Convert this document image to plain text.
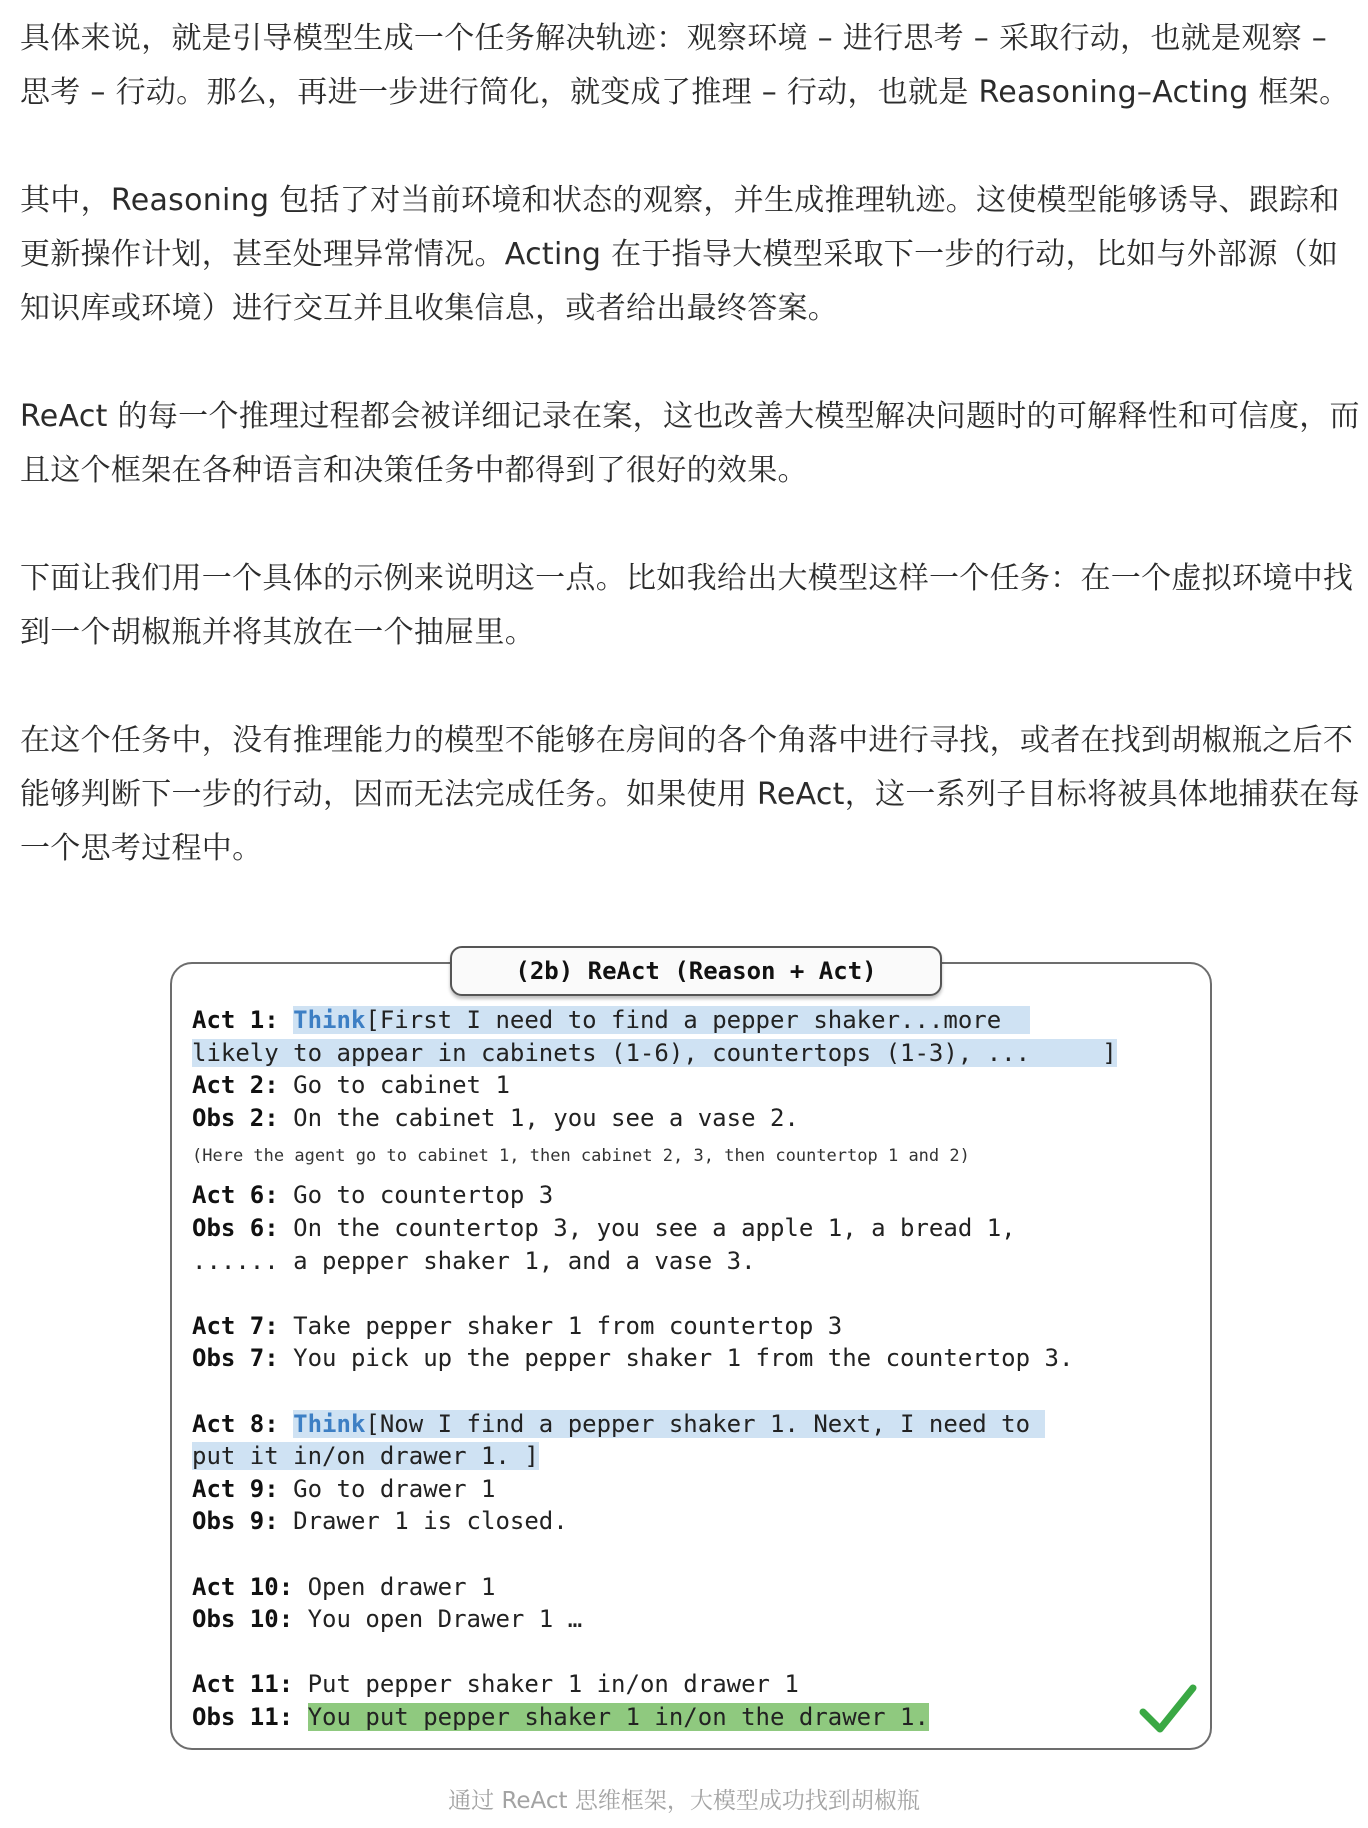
具体来说，就是引导模型生成一个任务解决轨迹：观察环境 – 进行思考 – 采取行动，也就是观察 – 思考 – 行动。那么，再进一步进行简化，就变成了推理 – 行动，也就是 Reasoning–Acting 框架。

其中，Reasoning 包括了对当前环境和状态的观察，并生成推理轨迹。这使模型能够诱导、跟踪和更新操作计划，甚至处理异常情况。Acting 在于指导大模型采取下一步的行动，比如与外部源（如知识库或环境）进行交互并且收集信息，或者给出最终答案。

ReAct 的每一个推理过程都会被详细记录在案，这也改善大模型解决问题时的可解释性和可信度，而且这个框架在各种语言和决策任务中都得到了很好的效果。

下面让我们用一个具体的示例来说明这一点。比如我给出大模型这样一个任务：在一个虚拟环境中找到一个胡椒瓶并将其放在一个抽屉里。

在这个任务中，没有推理能力的模型不能够在房间的各个角落中进行寻找，或者在找到胡椒瓶之后不能够判断下一步的行动，因而无法完成任务。如果使用 ReAct，这一系列子目标将被具体地捕获在每一个思考过程中。

(2b) ReAct (Reason + Act)
Act 1: Think[First I need to find a pepper shaker...more
likely to appear in cabinets (1-6), countertops (1-3), ...     ]
Act 2: Go to cabinet 1
Obs 2: On the cabinet 1, you see a vase 2.
(Here the agent go to cabinet 1, then cabinet 2, 3, then countertop 1 and 2)
Act 6: Go to countertop 3
Obs 6: On the countertop 3, you see a apple 1, a bread 1,
...... a pepper shaker 1, and a vase 3.
Act 7: Take pepper shaker 1 from countertop 3
Obs 7: You pick up the pepper shaker 1 from the countertop 3.
Act 8: Think[Now I find a pepper shaker 1. Next, I need to
put it in/on drawer 1. ]
Act 9: Go to drawer 1
Obs 9: Drawer 1 is closed.
Act 10: Open drawer 1
Obs 10: You open Drawer 1 …
Act 11: Put pepper shaker 1 in/on drawer 1
Obs 11: You put pepper shaker 1 in/on the drawer 1.
通过 ReAct 思维框架，大模型成功找到胡椒瓶
